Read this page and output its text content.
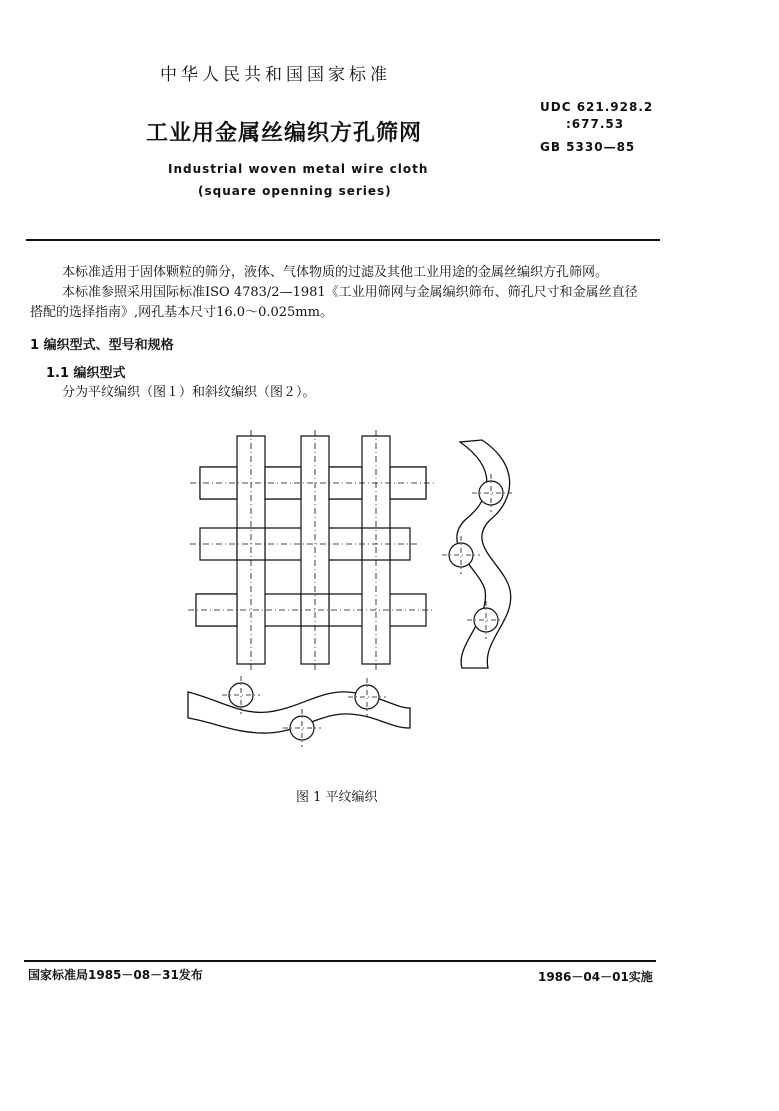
中华人民共和国国家标准
工业用金属丝编织方孔筛网
Industrial woven metal wire cloth
(square openning series)
UDC 621.928.2
:677.53
GB 5330—85
本标准适用于固体颗粒的筛分，液体、气体物质的过滤及其他工业用途的金属丝编织方孔筛网。
本标准参照采用国际标准ISO 4783/2—1981《工业用筛网与金属编织筛布、筛孔尺寸和金属丝直径
搭配的选择指南》,网孔基本尺寸16.0～0.025mm。
1 编织型式、型号和规格
1.1 编织型式
分为平纹编织（图１）和斜纹编织（图２）。
图 1 平纹编织
国家标准局1985－08－31发布	1986－04－01实施
